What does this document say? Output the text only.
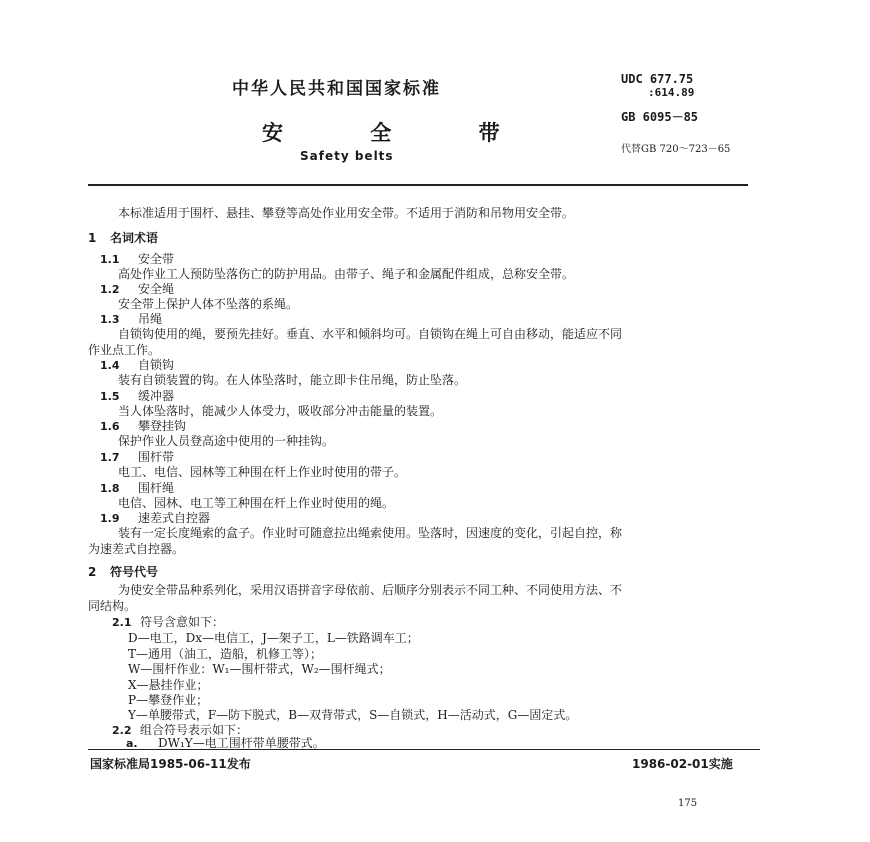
中华人民共和国国家标准
安 全 带
Safety belts
UDC 677.75
:614.89
GB 6095－85
代替GB 720～723－65
本标准适用于围杆、悬挂、攀登等高处作业用安全带。不适用于消防和吊物用安全带。
1 名词术语
1.1 安全带
高处作业工人预防坠落伤亡的防护用品。由带子、绳子和金属配件组成，总称安全带。
1.2 安全绳
安全带上保护人体不坠落的系绳。
1.3 吊绳
自锁钩使用的绳，要预先挂好。垂直、水平和倾斜均可。自锁钩在绳上可自由移动，能适应不同
作业点工作。
1.4 自锁钩
装有自锁装置的钩。在人体坠落时，能立即卡住吊绳，防止坠落。
1.5 缓冲器
当人体坠落时，能减少人体受力，吸收部分冲击能量的装置。
1.6 攀登挂钩
保护作业人员登高途中使用的一种挂钩。
1.7 围杆带
电工、电信、园林等工种围在杆上作业时使用的带子。
1.8 围杆绳
电信、园林、电工等工种围在杆上作业时使用的绳。
1.9 速差式自控器
装有一定长度绳索的盒子。作业时可随意拉出绳索使用。坠落时，因速度的变化，引起自控，称
为速差式自控器。
2 符号代号
为使安全带品种系列化，采用汉语拼音字母依前、后顺序分别表示不同工种、不同使用方法、不
同结构。
2.1 符号含意如下：
D—电工，Dx—电信工，J—架子工，L—铁路调车工；
T—通用（油工，造船，机修工等）；
W—围杆作业：W₁—围杆带式，W₂—围杆绳式；
X—悬挂作业；
P—攀登作业；
Y—单腰带式，F—防下脱式，B—双背带式，S—自锁式，H—活动式，G—固定式。
2.2 组合符号表示如下：
a. DW₁Y—电工围杆带单腰带式。
国家标准局1985-06-11发布	1986-02-01实施
175
